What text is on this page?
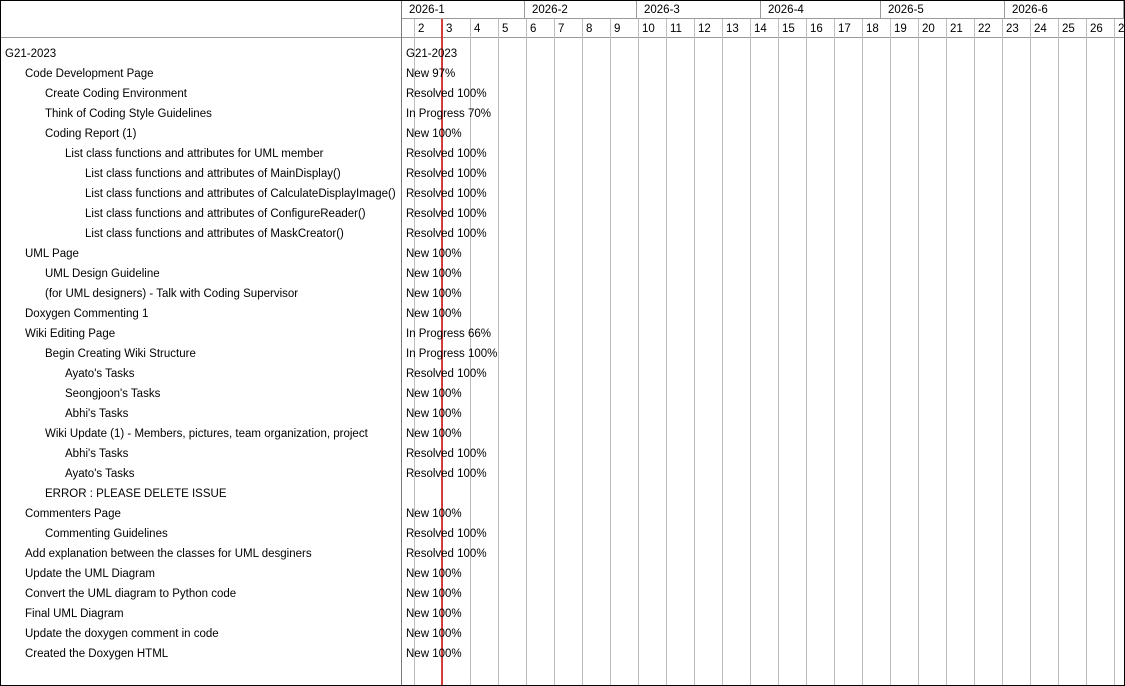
2026-1	2026-2	2026-3	2026-4	2026-5	2026-6
2	3	4	5	6	7	8	9	10	11	12	13	14	15	16	17	18	19	20	21	22	23	24	25	26	2
G21-2023	G21-2023
Code Development Page	New 97%
Create Coding Environment	Resolved 100%
Think of Coding Style Guidelines	In Progress 70%
Coding Report (1)	New 100%
List class functions and attributes for UML member	Resolved 100%
List class functions and attributes of MainDisplay()	Resolved 100%
List class functions and attributes of CalculateDisplayImage() Resolved 100%
List class functions and attributes of ConfigureReader()	Resolved 100%
List class functions and attributes of MaskCreator()	Resolved 100%
UML Page	New 100%
UML Design Guideline	New 100%
(for UML designers) - Talk with Coding Supervisor	New 100%
Doxygen Commenting 1	New 100%
Wiki Editing Page	In Progress 66%
Begin Creating Wiki Structure	In Progress 100%
Ayato's Tasks	Resolved 100%
Seongjoon's Tasks	New 100%
Abhi's Tasks	New 100%
Wiki Update (1) - Members, pictures, team organization, project	New 100%
Abhi's Tasks	Resolved 100%
Ayato's Tasks	Resolved 100%
ERROR : PLEASE DELETE ISSUE
Commenters Page	New 100%
Commenting Guidelines	Resolved 100%
Add explanation between the classes for UML desginers	Resolved 100%
Update the UML Diagram	New 100%
Convert the UML diagram to Python code	New 100%
Final UML Diagram	New 100%
Update the doxygen comment in code	New 100%
Created the Doxygen HTML	New 100%
